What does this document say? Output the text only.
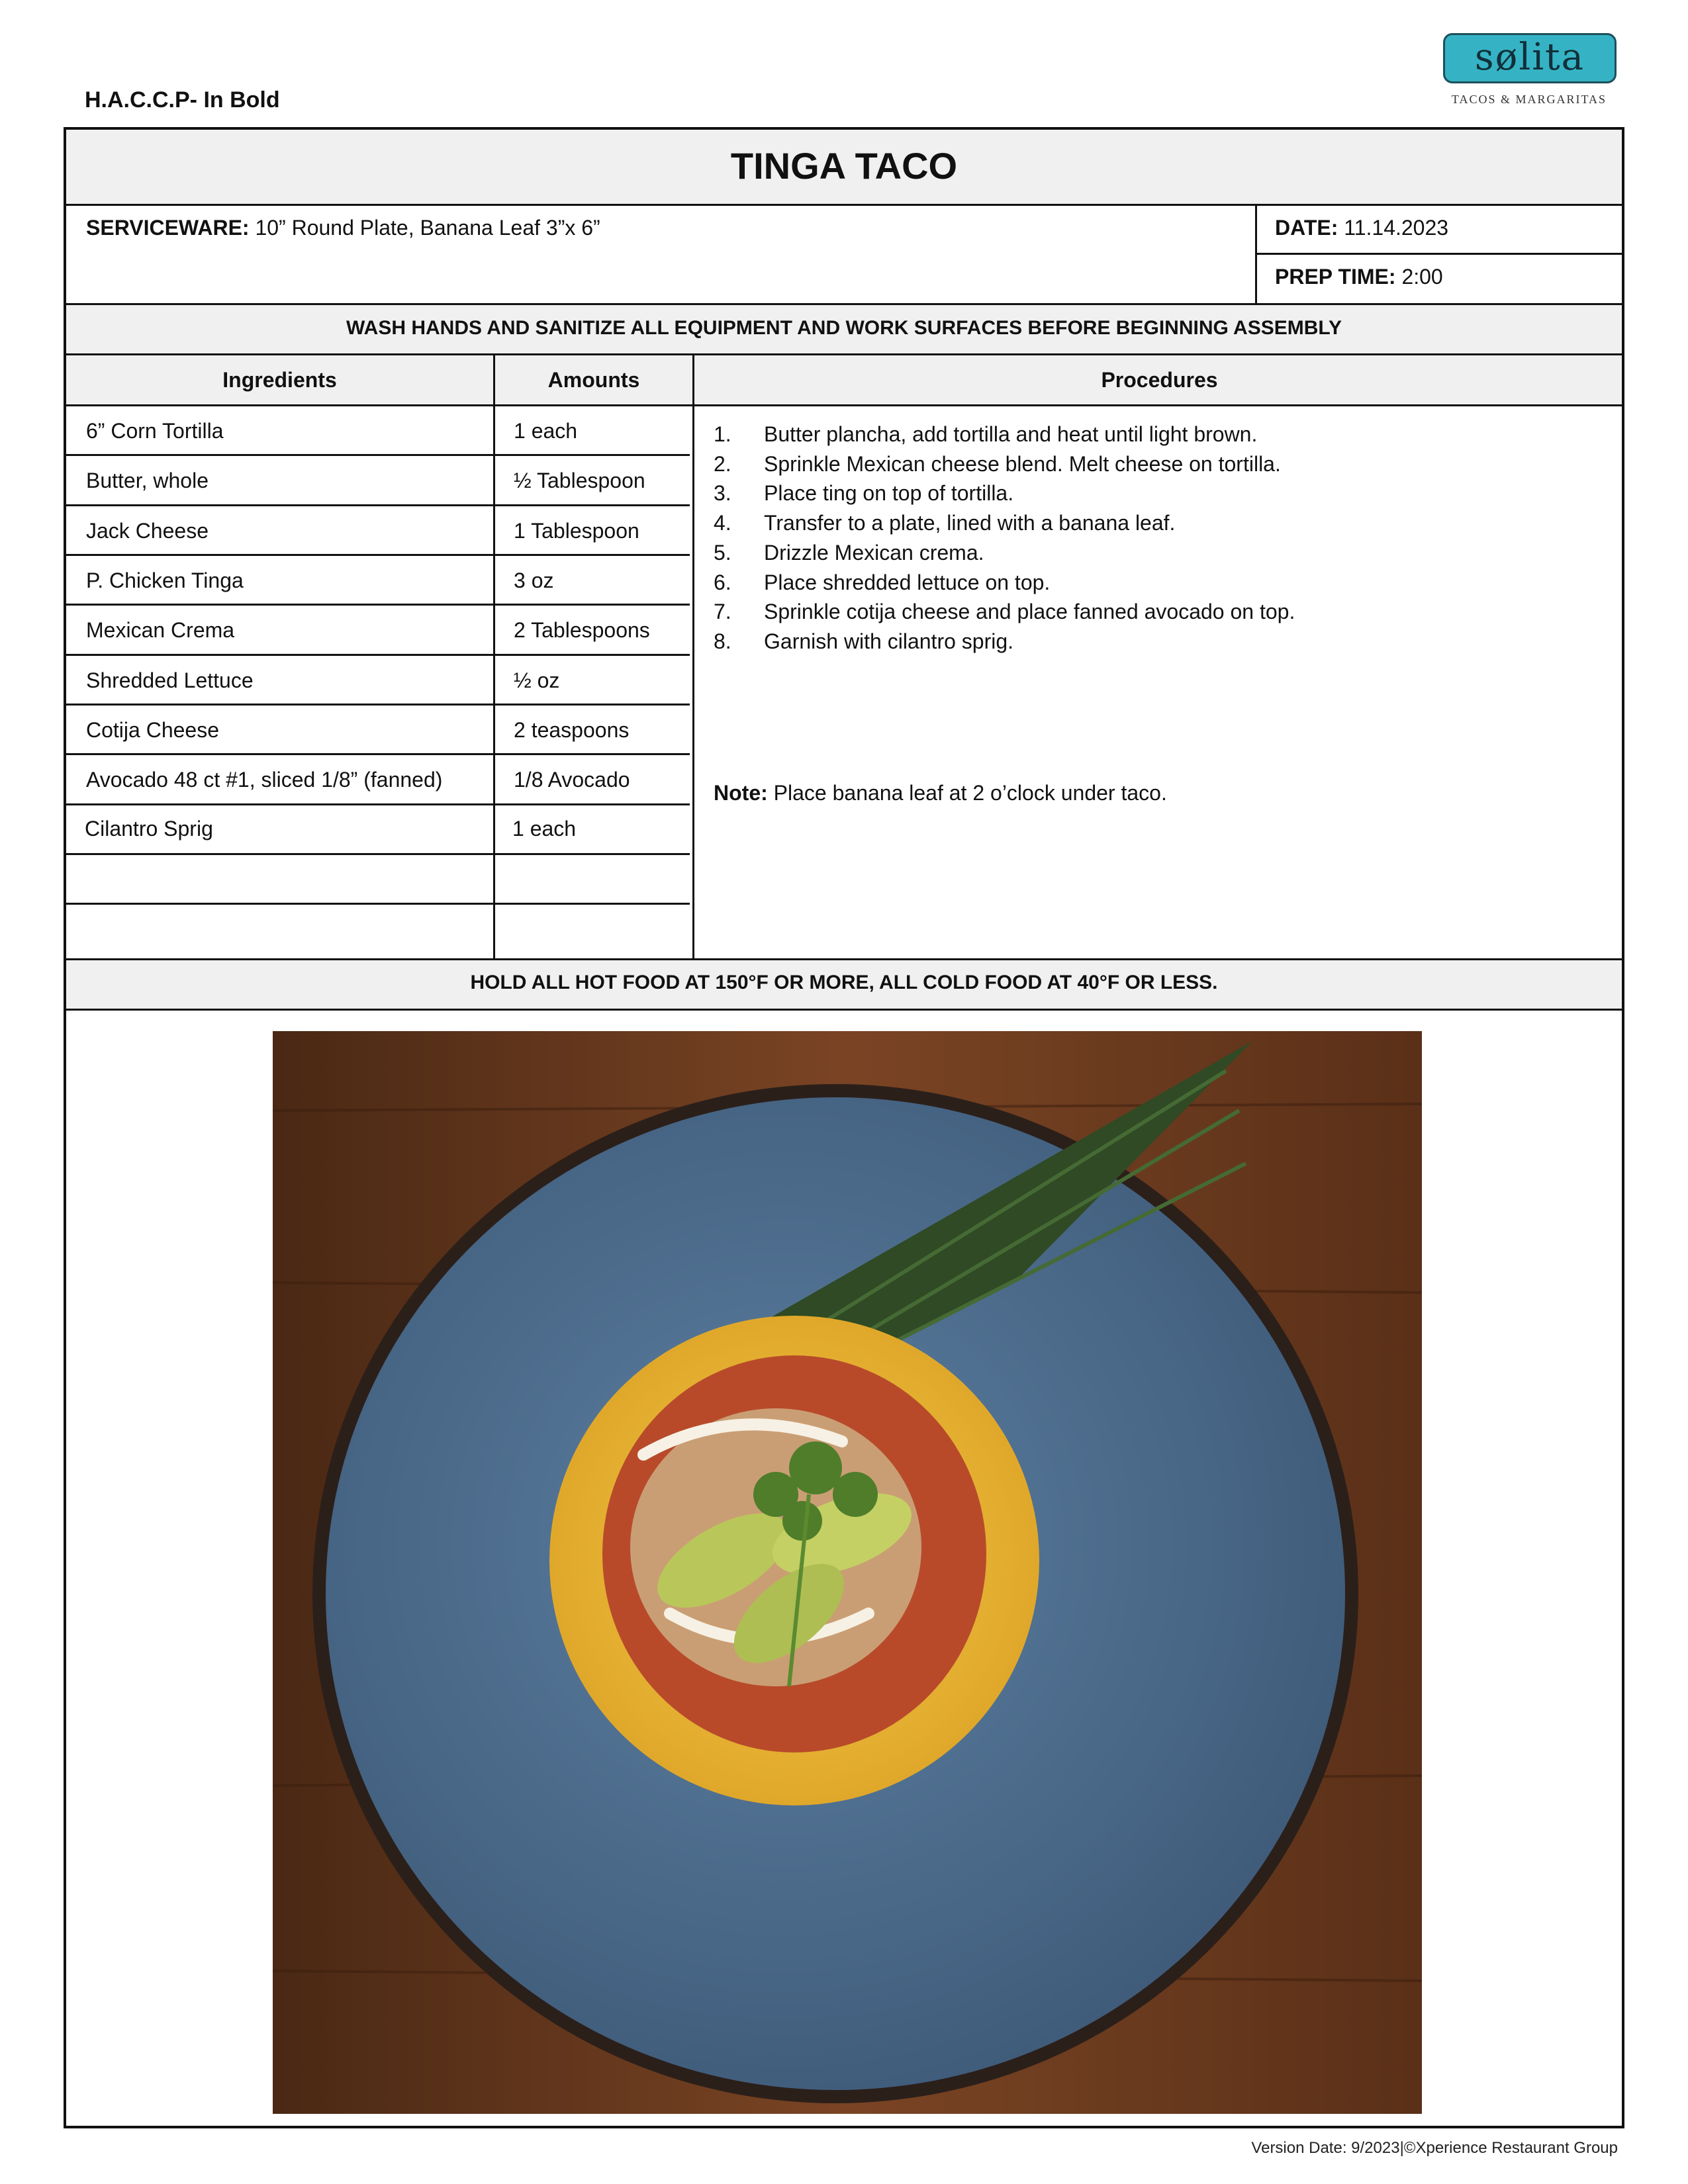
H.A.C.C.P- In Bold
sølita
TACOS & MARGARITAS
TINGA TACO
SERVICEWARE: 10” Round Plate, Banana Leaf 3”x 6”	DATE: 11.14.2023
PREP TIME: 2:00
WASH HANDS AND SANITIZE ALL EQUIPMENT AND WORK SURFACES BEFORE BEGINNING ASSEMBLY
Ingredients	Amounts	Procedures
6” Corn Tortilla	1 each
Butter, whole	½ Tablespoon
Jack Cheese	1 Tablespoon
P. Chicken Tinga	3 oz
Mexican Crema	2 Tablespoons
Shredded Lettuce	½ oz
Cotija Cheese	2 teaspoons
Avocado 48 ct #1, sliced 1/8” (fanned)	1/8 Avocado
Cilantro Sprig	1 each
1.	Butter plancha, add tortilla and heat until light brown.
2.	Sprinkle Mexican cheese blend. Melt cheese on tortilla.
3.	Place ting on top of tortilla.
4.	Transfer to a plate, lined with a banana leaf.
5.	Drizzle Mexican crema.
6.	Place shredded lettuce on top.
7.	Sprinkle cotija cheese and place fanned avocado on top.
8.	Garnish with cilantro sprig.
Note: Place banana leaf at 2 o’clock under taco.
HOLD ALL HOT FOOD AT 150°F OR MORE, ALL COLD FOOD AT 40°F OR LESS.
Version Date: 9/2023|©Xperience Restaurant Group
